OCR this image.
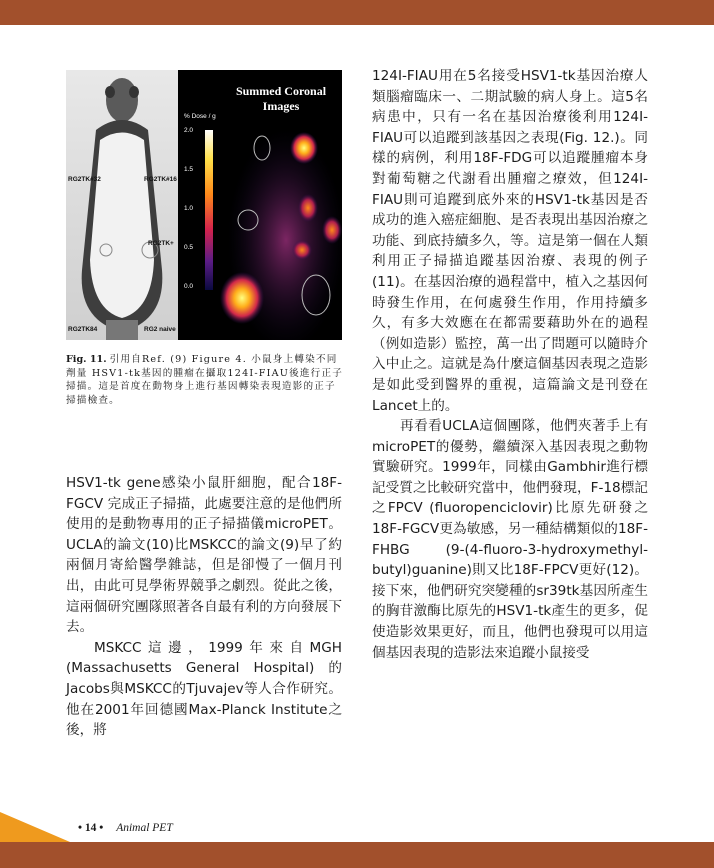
RG2TK#32	RG2TK#16
RG2TK+
RG2TK84	RG2 naive
Summed Coronal Images
% Dose / g
2.0
1.5
1.0
0.5
0.0
Fig. 11. 引用自Ref. (9) Figure 4. 小鼠身上轉染不同劑量 HSV1-tk基因的腫瘤在攝取124I-FIAU後進行正子掃描。這是首度在動物身上進行基因轉染表現造影的正子掃描檢查。

HSV1-tk gene感染小鼠肝細胞，配合18F-FGCV 完成正子掃描，此處要注意的是他們所使用的是動物專用的正子掃描儀microPET。UCLA的論文(10)比MSKCC的論文(9)早了約兩個月寄給醫學雜誌，但是卻慢了一個月刊出，由此可見學術界競爭之劇烈。從此之後，這兩個研究團隊照著各自最有利的方向發展下去。

MSKCC這邊，1999年來自MGH (Massachusetts General Hospital) 的Jacobs與MSKCC的Tjuvajev等人合作研究。他在2001年回德國Max-Planck Institute之後，將

124I-FIAU用在5名接受HSV1-tk基因治療人類腦瘤臨床一、二期試驗的病人身上。這5名病患中，只有一名在基因治療後利用124I-FIAU可以追蹤到該基因之表現(Fig. 12.)。同樣的病例，利用18F-FDG可以追蹤腫瘤本身對葡萄糖之代謝看出腫瘤之療效，但124I-FIAU則可追蹤到底外來的HSV1-tk基因是否成功的進入癌症細胞、是否表現出基因治療之功能、到底持續多久，等。這是第一個在人類利用正子掃描追蹤基因治療、表現的例子(11)。在基因治療的過程當中，植入之基因何時發生作用，在何處發生作用，作用持續多久，有多大效應在在都需要藉助外在的過程（例如造影）監控，萬一出了問題可以隨時介入中止之。這就是為什麼這個基因表現之造影是如此受到醫界的重視，這篇論文是刊登在Lancet上的。

再看看UCLA這個團隊，他們夾著手上有microPET的優勢，繼續深入基因表現之動物實驗研究。1999年，同樣由Gambhir進行標記受質之比較研究當中，他們發現，F-18標記之FPCV (fluoropenciclovir)比原先研發之18F-FGCV更為敏感，另一種結構類似的18F-FHBG (9-(4-fluoro-3-hydroxymethyl-butyl)guanine)則又比18F-FPCV更好(12)。接下來，他們研究突變種的sr39tk基因所產生的胸苷激酶比原先的HSV1-tk產生的更多，促使造影效果更好，而且，他們也發現可以用這個基因表現的造影法來追蹤小鼠接受

• 14 • Animal PET
